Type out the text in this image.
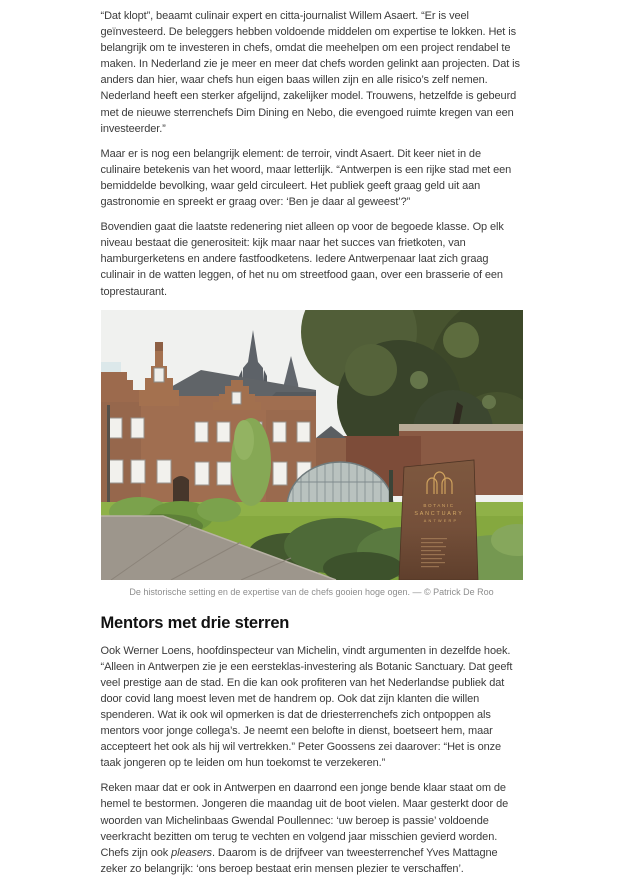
“Dat klopt”, beaamt culinair expert en citta-journalist Willem Asaert. “Er is veel geïnvesteerd. De beleggers hebben voldoende middelen om expertise te lokken. Het is belangrijk om te investeren in chefs, omdat die meehelpen om een project rendabel te maken. In Nederland zie je meer en meer dat chefs worden gelinkt aan projecten. Dat is anders dan hier, waar chefs hun eigen baas willen zijn en alle risico’s zelf nemen. Nederland heeft een sterker afgelijnd, zakelijker model. Trouwens, hetzelfde is gebeurd met de nieuwe sterrenchefs Dim Dining en Nebo, die evengoed ruimte kregen van een investeerder.”

Maar er is nog een belangrijk element: de terroir, vindt Asaert. Dit keer niet in de culinaire betekenis van het woord, maar letterlijk. “Antwerpen is een rijke stad met een bemiddelde bevolking, waar geld circuleert. Het publiek geeft graag geld uit aan gastronomie en spreekt er graag over: ‘Ben je daar al geweest’?”

Bovendien gaat die laatste redenering niet alleen op voor de begoede klasse. Op elk niveau bestaat die generositeit: kijk maar naar het succes van frietkoten, van hamburgerketens en andere fastfoodketens. Iedere Antwerpenaar laat zich graag culinair in de watten leggen, of het nu om streetfood gaan, over een brasserie of een toprestaurant.

BOTANIC
SANCTUARY
ANTWERP
De historische setting en de expertise van de chefs gooien hoge ogen. — © Patrick De Roo
Mentors met drie sterren

Ook Werner Loens, hoofdinspecteur van Michelin, vindt argumenten in dezelfde hoek. “Alleen in Antwerpen zie je een eersteklas-investering als Botanic Sanctuary. Dat geeft veel prestige aan de stad. En die kan ook profiteren van het Nederlandse publiek dat door covid lang moest leven met de handrem op. Ook dat zijn klanten die willen spenderen. Wat ik ook wil opmerken is dat de driesterrenchefs zich ontpoppen als mentors voor jonge collega’s. Je neemt een belofte in dienst, boetseert hem, maar accepteert het ook als hij wil vertrekken.” Peter Goossens zei daarover: “Het is onze taak jongeren op te leiden om hun toekomst te verzekeren.”

Reken maar dat er ook in Antwerpen en daarrond een jonge bende klaar staat om de hemel te bestormen. Jongeren die maandag uit de boot vielen. Maar gesterkt door de woorden van Michelinbaas Gwendal Poullennec: ‘uw beroep is passie’ voldoende veerkracht bezitten om terug te vechten en volgend jaar misschien gevierd worden. Chefs zijn ook pleasers. Daarom is de drijfveer van tweesterrenchef Yves Mattagne zeker zo belangrijk: ‘ons beroep bestaat erin mensen plezier te verschaffen’.
